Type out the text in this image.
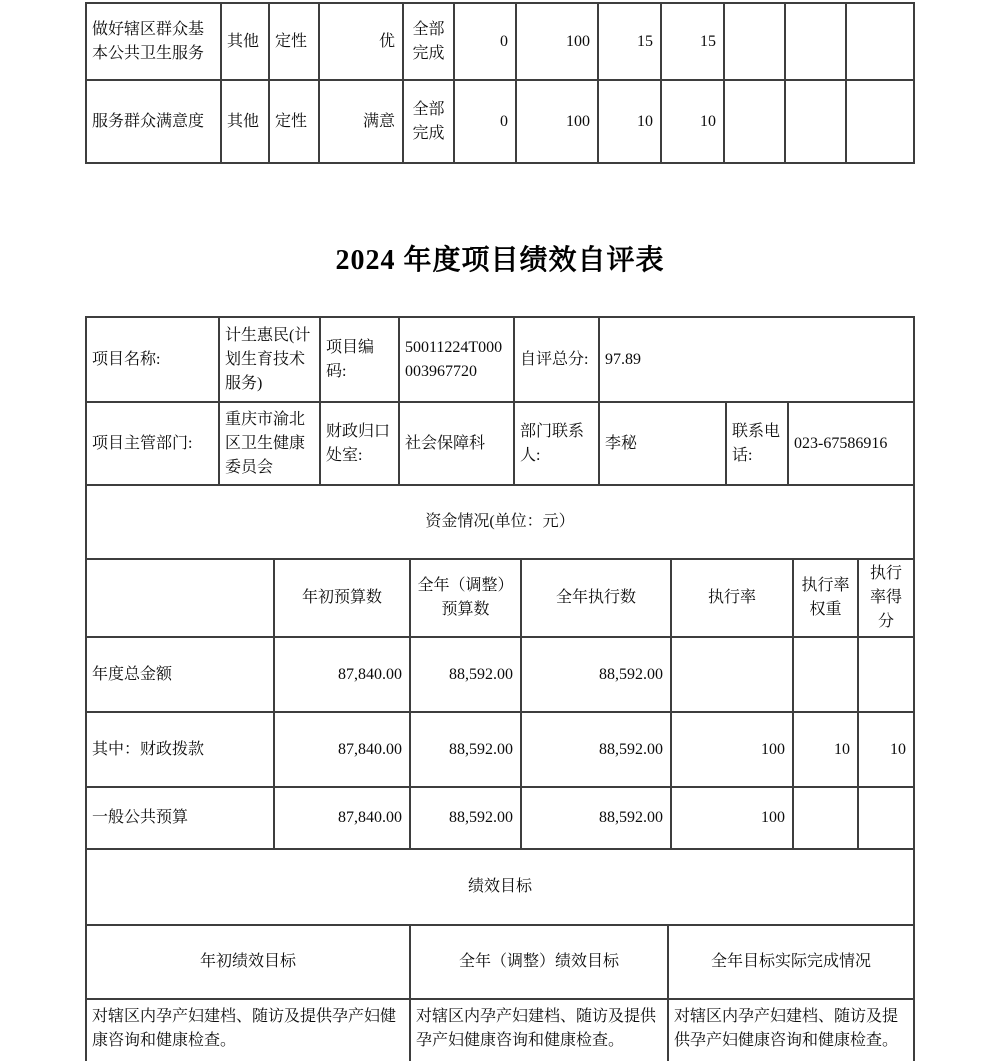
做好辖区群众基本公共卫生服务	其他	定性	优	全部完成	0	100	15	15			
服务群众满意度	其他	定性	满意	全部完成	0	100	10	10			
2024 年度项目绩效自评表
项目名称:	计生惠民(计划生育技术服务)	项目编码:	50011224T000003967720	自评总分:	97.89
项目主管部门:	重庆市渝北区卫生健康委员会	财政归口处室:	社会保障科	部门联系人:	李秘	联系电话:	023-67586916
资金情况(单位：元）
	年初预算数	全年（调整）预算数	全年执行数	执行率	执行率权重	执行率得分
年度总金额	87,840.00	88,592.00	88,592.00			
其中：财政拨款	87,840.00	88,592.00	88,592.00	100	10	10
一般公共预算	87,840.00	88,592.00	88,592.00	100		
绩效目标
年初绩效目标	全年（调整）绩效目标	全年目标实际完成情况
对辖区内孕产妇建档、随访及提供孕产妇健康咨询和健康检查。	对辖区内孕产妇建档、随访及提供孕产妇健康咨询和健康检查。	对辖区内孕产妇建档、随访及提供孕产妇健康咨询和健康检查。
